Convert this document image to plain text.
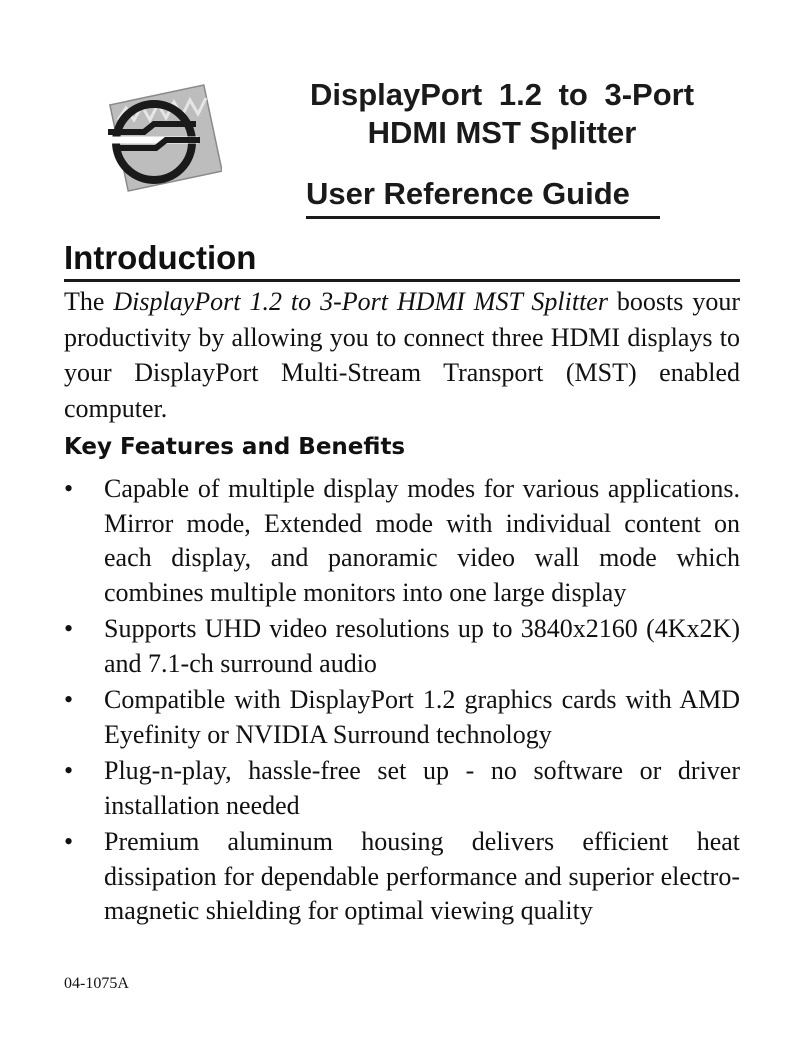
DisplayPort 1.2 to 3-Port
HDMI MST Splitter
User Reference Guide
Introduction

The DisplayPort 1.2 to 3-Port HDMI MST Splitter boosts your productivity by allowing you to connect three HDMI displays to your DisplayPort Multi-Stream Transport (MST) enabled computer.

Key Features and Benefits
•	Capable of multiple display modes for various applications. Mirror mode, Extended mode with individual content on each display, and panoramic video wall mode which combines multiple monitors into one large display
•	Supports UHD video resolutions up to 3840x2160 (4Kx2K) and 7.1-ch surround audio
•	Compatible with DisplayPort 1.2 graphics cards with AMD Eyefinity or NVIDIA Surround technology
•	Plug-n-play, hassle-free set up - no software or driver installation needed
•	Premium aluminum housing delivers efficient heat dissipation for dependable performance and superior electro-magnetic shielding for optimal viewing quality
04-1075A
